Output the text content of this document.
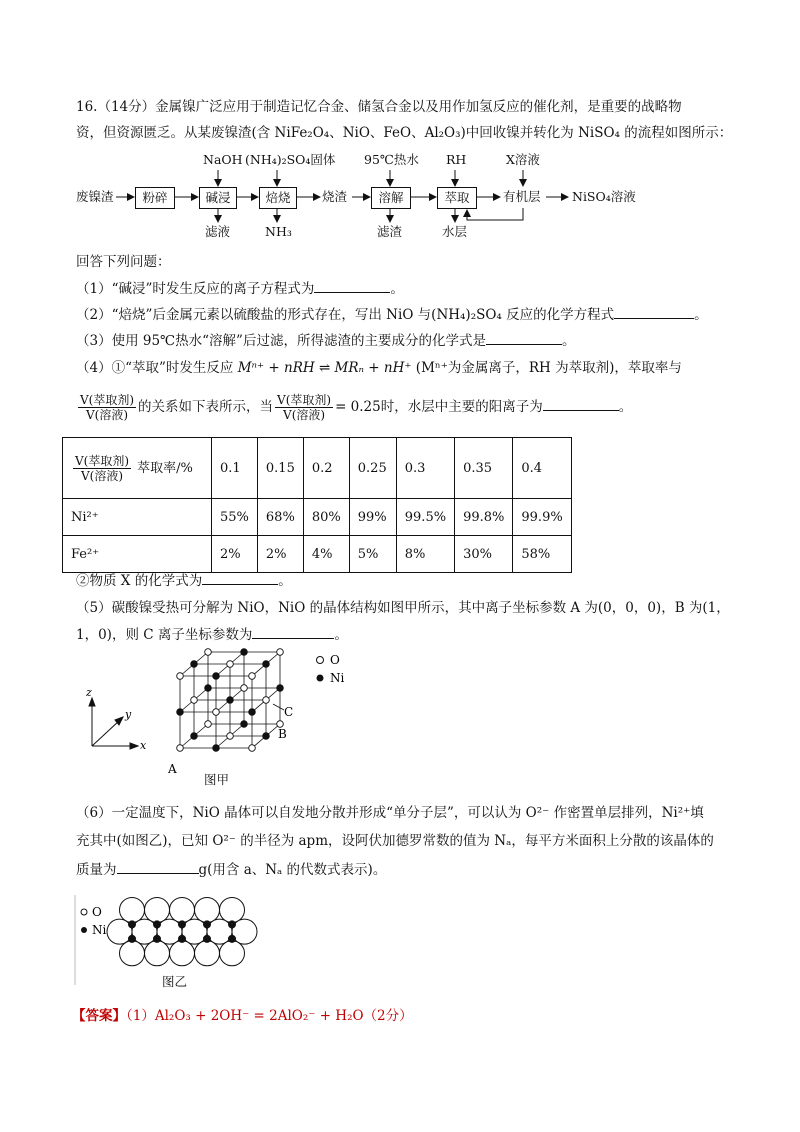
16.（14分）金属镍广泛应用于制造记忆合金、储氢合金以及用作加氢反应的催化剂，是重要的战略物
资，但资源匮乏。从某废镍渣(含 NiFe₂O₄、NiO、FeO、Al₂O₃)中回收镍并转化为 NiSO₄ 的流程如图所示：
废镍渣	粉碎	碱浸	焙烧	烧渣	溶解	萃取	有机层	NiSO₄溶液
NaOH (NH₄)₂SO₄固体 95℃热水 RH	X溶液
滤液	NH₃	滤渣	水层
回答下列问题：
（1）“碱浸”时发生反应的离子方程式为	。
（2）“焙烧”后金属元素以硫酸盐的形式存在，写出 NiO 与(NH₄)₂SO₄ 反应的化学方程式	。
（3）使用 95℃热水“溶解”后过滤，所得滤渣的主要成分的化学式是	。
（4）①“萃取”时发生反应 Mⁿ⁺ + nRH ⇌ MRₙ + nH⁺ (Mⁿ⁺为金属离子，RH 为萃取剂)，萃取率与
$\frac{\text{V(萃取剂)}}{\text{V(溶液)}}$ 的关系如下表所示，当 $\frac{\text{V(萃取剂)}}{\text{V(溶液)}} = 0.25$时，水层中主要的阳离子为	。
$\frac{\text{V(萃取剂)}}{\text{V(溶液)}}$ 萃取率/%	0.1	0.15	0.2	0.25	0.3	0.35	0.4
Ni²⁺	55%	68%	80%	99%	99.5%	99.8%	99.9%
Fe²⁺	2%	2%	4%	5%	8%	30%	58%
②物质 X 的化学式为	。
（5）碳酸镍受热可分解为 NiO，NiO 的晶体结构如图甲所示，其中离子坐标参数 A 为(0，0，0)，B 为(1，
1，0)，则 C 离子坐标参数为	。
z
y
x
A
B
C
O
Ni
图甲
（6）一定温度下，NiO 晶体可以自发地分散并形成“单分子层”，可以认为 O²⁻ 作密置单层排列，Ni²⁺填
充其中(如图乙)，已知 O²⁻ 的半径为 apm，设阿伏加德罗常数的值为 Nₐ，每平方米面积上分散的该晶体的
质量为	g(用含 a、Nₐ 的代数式表示)。
O
Ni
图乙
【答案】（1）Al₂O₃ + 2OH⁻ = 2AlO₂⁻ + H₂O（2分）
